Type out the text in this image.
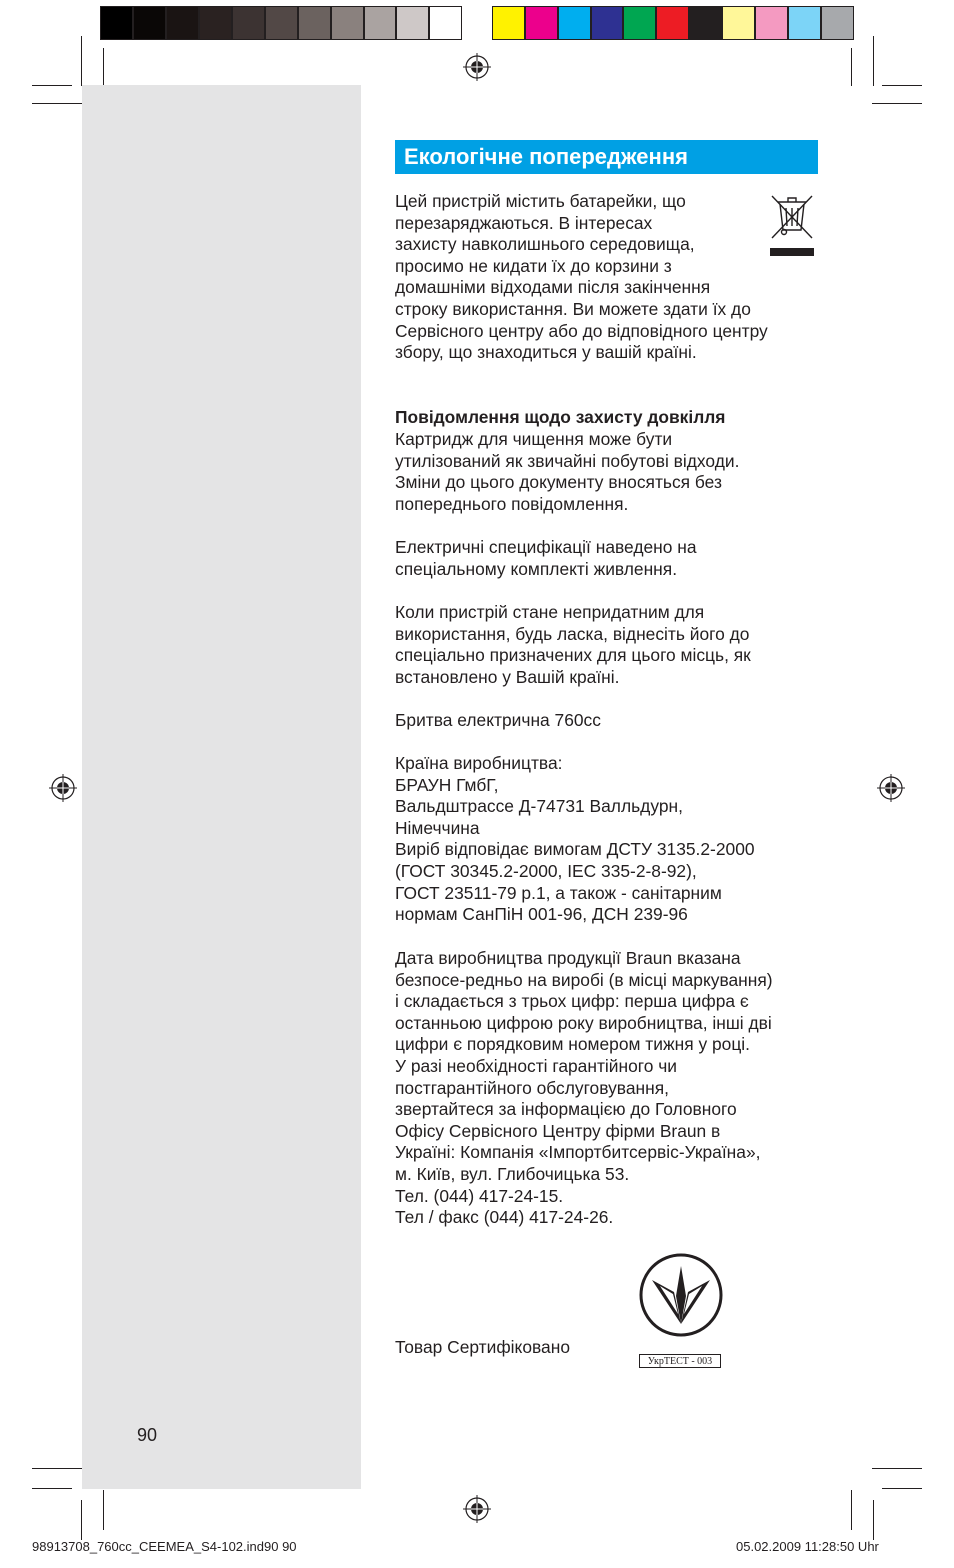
90
Екологічне попередження
Цей пристрій містить батарейки, що
перезаряджаються. В інтересах
захисту навколишнього середовища,
просимо не кидати їх до корзини з
домашніми відходами після закінчення
строку використання. Ви можете здати їх до
Сервісного центру або до відповідного центру
збору, що знаходиться у вашій країні.
Повідомлення щодо захисту довкілля
Картридж для чищення може бути
утилізований як звичайні побутові відходи.
Зміни до цього документу вносяться без
попереднього повідомлення.
Електричні специфікації наведено на
спеціальному комплекті живлення.
Коли пристрій стане непридатним для
використання, будь ласка, віднесіть його до
спеціально призначених для цього місць, як
встановлено у Вашій країні.
Бритва електрична 760cc
Країна виробництва:
БРАУН ГмбГ,
Вальдштрассе Д-74731 Валльдурн,
Німеччина
Виріб відповідає вимогам ДСТУ 3135.2-2000
(ГОСТ 30345.2-2000, IEC 335-2-8-92),
ГОСТ 23511-79 р.1, а також - санітарним
нормам СанПіН 001-96, ДСН 239-96
Дата виробництва продукції Braun вказана
безпосе-редньо на виробі (в місці маркування)
і складається з трьох цифр: перша цифра є
останньою цифрою року виробництва, інші дві
цифри є порядковим номером тижня у році.
У разі необхідності гарантійного чи
постгарантійного обслуговування,
звертайтеся за інформацією до Головного
Офісу Сервісного Центру фірми Braun в
Україні: Компанія «Імпортбитсервіс-Україна»,
м. Київ, вул. Глибочицька 53.
Тел. (044) 417-24-15.
Тел / факс (044) 417-24-26.
Товар Сертифіковано
УкрТЕСТ - 003
98913708_760cc_CEEMEA_S4-102.ind90 90	05.02.2009 11:28:50 Uhr
